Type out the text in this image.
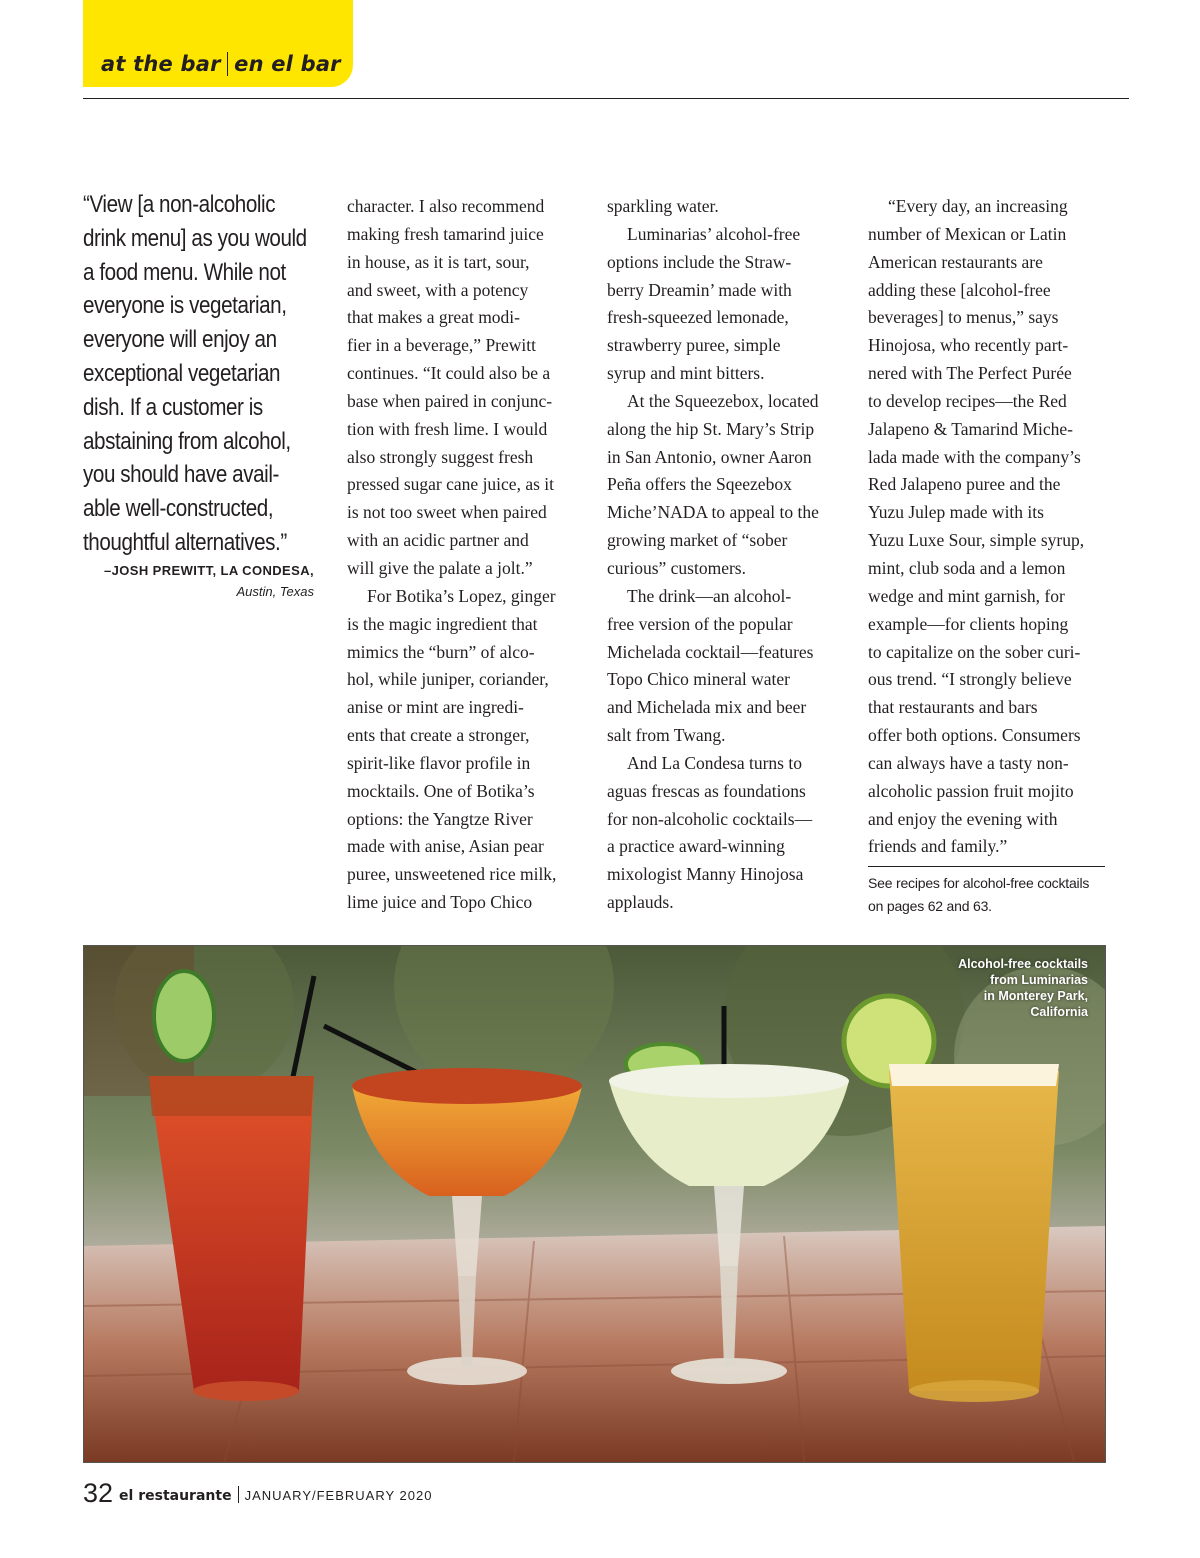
at the bar en el bar
“View [a non-alcoholic
drink menu] as you would
a food menu. While not
everyone is vegetarian,
everyone will enjoy an
exceptional vegetarian
dish. If a customer is
abstaining from alcohol,
you should have avail-
able well-constructed,
thoughtful alternatives.”
–JOSH PREWITT, LA CONDESA,
Austin, Texas
character. I also recommend
making fresh tamarind juice
in house, as it is tart, sour,
and sweet, with a potency
that makes a great modi-
fier in a beverage,” Prewitt
continues. “It could also be a
base when paired in conjunc-
tion with fresh lime. I would
also strongly suggest fresh
pressed sugar cane juice, as it
is not too sweet when paired
with an acidic partner and
will give the palate a jolt.”
For Botika’s Lopez, ginger
is the magic ingredient that
mimics the “burn” of alco-
hol, while juniper, coriander,
anise or mint are ingredi-
ents that create a stronger,
spirit-like flavor profile in
mocktails. One of Botika’s
options: the Yangtze River
made with anise, Asian pear
puree, unsweetened rice milk,
lime juice and Topo Chico
sparkling water.
Luminarias’ alcohol-free
options include the Straw-
berry Dreamin’ made with
fresh-squeezed lemonade,
strawberry puree, simple
syrup and mint bitters.
At the Squeezebox, located
along the hip St. Mary’s Strip
in San Antonio, owner Aaron
Peña offers the Sqeezebox
Miche’NADA to appeal to the
growing market of “sober
curious” customers.
The drink—an alcohol-
free version of the popular
Michelada cocktail—features
Topo Chico mineral water
and Michelada mix and beer
salt from Twang.
And La Condesa turns to
aguas frescas as foundations
for non-alcoholic cocktails—
a practice award-winning
mixologist Manny Hinojosa
applauds.
“Every day, an increasing
number of Mexican or Latin
American restaurants are
adding these [alcohol-free
beverages] to menus,” says
Hinojosa, who recently part-
nered with The Perfect Purée
to develop recipes—the Red
Jalapeno & Tamarind Miche-
lada made with the company’s
Red Jalapeno puree and the
Yuzu Julep made with its
Yuzu Luxe Sour, simple syrup,
mint, club soda and a lemon
wedge and mint garnish, for
example—for clients hoping
to capitalize on the sober curi-
ous trend. “I strongly believe
that restaurants and bars
offer both options. Consumers
can always have a tasty non-
alcoholic passion fruit mojito
and enjoy the evening with
friends and family.”
See recipes for alcohol-free cocktails
on pages 62 and 63.
Alcohol-free cocktails
from Luminarias
in Monterey Park,
California
32 el restaurante JANUARY/FEBRUARY 2020
